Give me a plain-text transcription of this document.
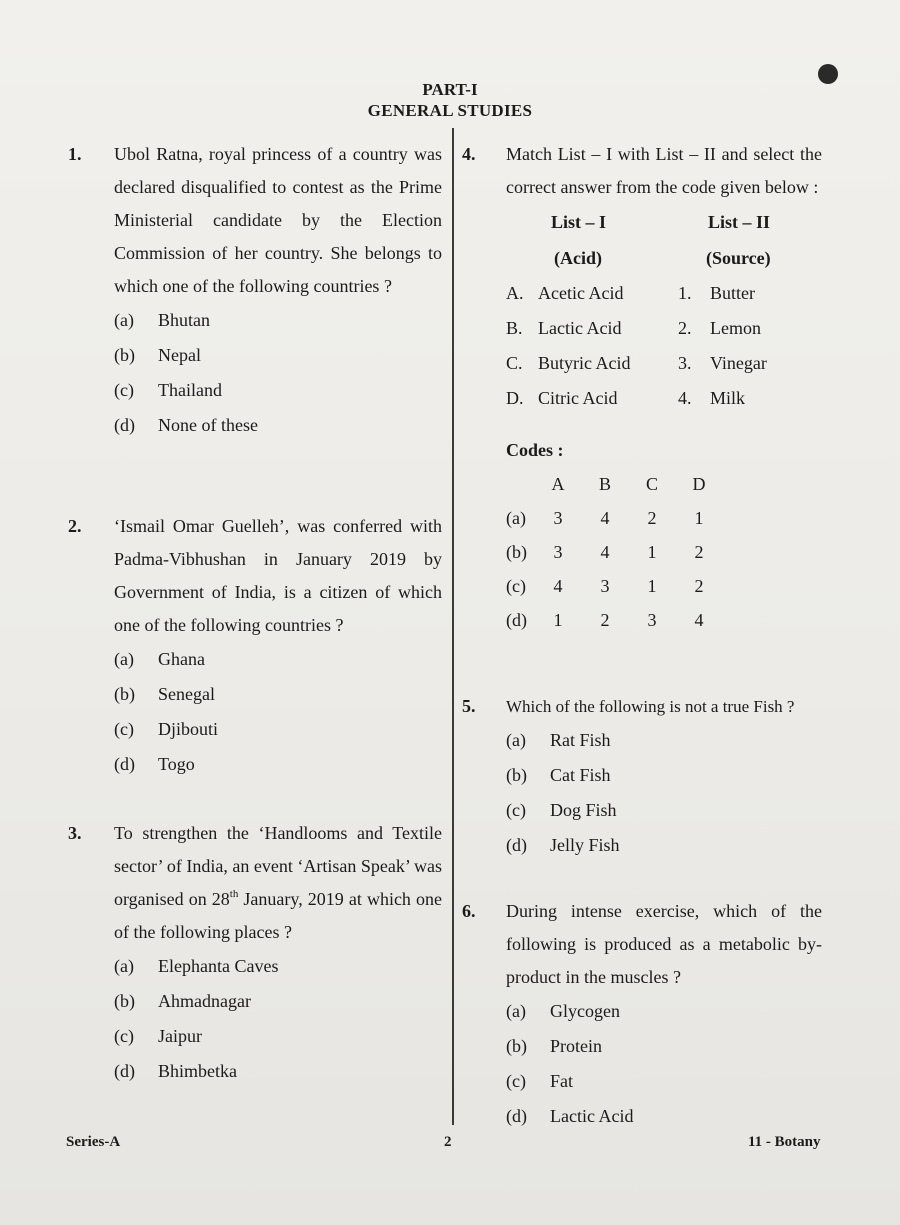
PART-I
GENERAL STUDIES
1. Ubol Ratna, royal princess of a country was declared disqualified to contest as the Prime Ministerial candidate by the Election Commission of her country. She belongs to which one of the following countries ?
(a)	Bhutan
(b)	Nepal
(c)	Thailand
(d)	None of these
2. ‘Ismail Omar Guelleh’, was conferred with Padma-Vibhushan in January 2019 by Government of India, is a citizen of which one of the following countries ?
(a)	Ghana
(b)	Senegal
(c)	Djibouti
(d)	Togo
3. To strengthen the ‘Handlooms and Textile sector’ of India, an event ‘Artisan Speak’ was organised on 28th January, 2019 at which one of the following places ?
(a)	Elephanta Caves
(b)	Ahmadnagar
(c)	Jaipur
(d)	Bhimbetka
4. Match List – I with List – II and select the correct answer from the code given below :
List – I	List – II
(Acid)	(Source)
A. Acetic Acid	1. Butter
B. Lactic Acid	2. Lemon
C. Butyric Acid	3. Vinegar
D. Citric Acid	4. Milk
Codes :
A B C D
(a)	3	4	2	1
(b)	3	4	1	2
(c)	4	3	1	2
(d)	1	2	3	4
5. Which of the following is not a true Fish ?
(a)	Rat Fish
(b)	Cat Fish
(c)	Dog Fish
(d)	Jelly Fish
6. During intense exercise, which of the following is produced as a metabolic by-product in the muscles ?
(a)	Glycogen
(b)	Protein
(c)	Fat
(d)	Lactic Acid
Series-A	2	11 - Botany
